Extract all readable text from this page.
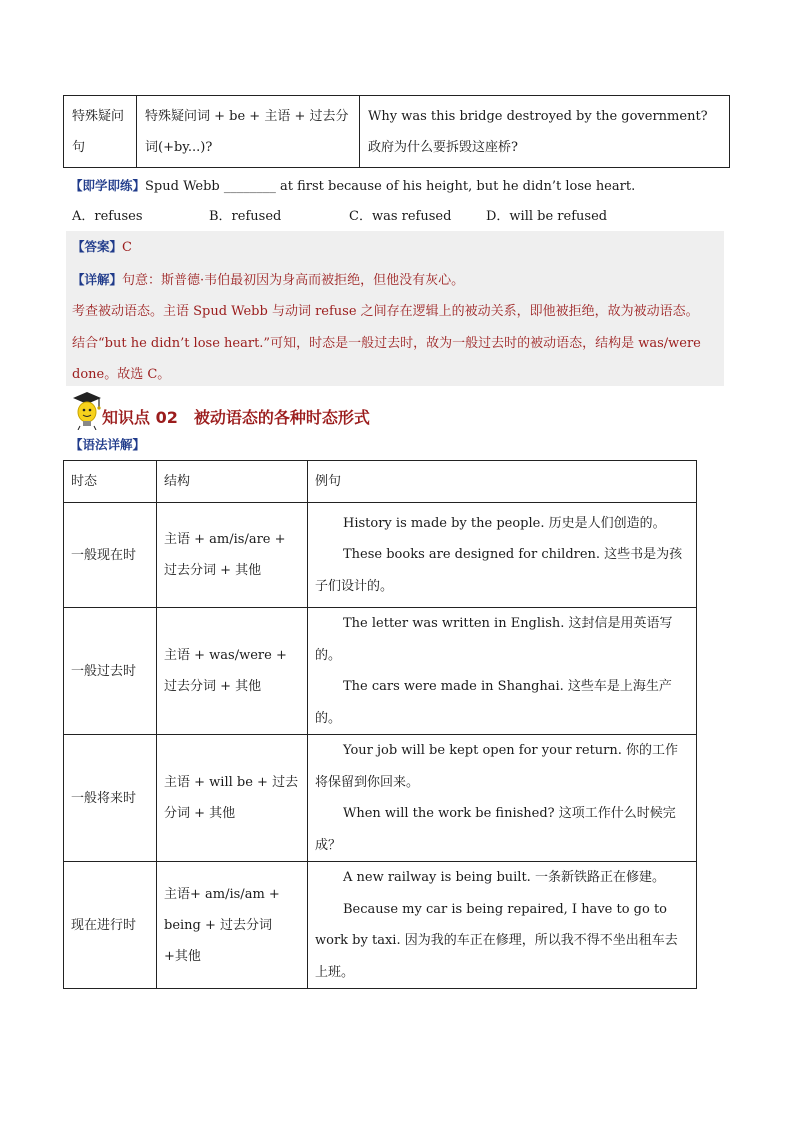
特殊疑问句	特殊疑问词 + be + 主语 + 过去分词(+by...)?	Why was this bridge destroyed by the government? 政府为什么要拆毁这座桥?
【即学即练】Spud Webb ________ at first because of his height, but he didn’t lose heart.
A．refuses	B．refused	C．was refused	D．will be refused

【答案】C

【详解】句意：斯普德·韦伯最初因为身高而被拒绝，但他没有灰心。

考查被动语态。主语 Spud Webb 与动词 refuse 之间存在逻辑上的被动关系，即他被拒绝，故为被动语态。

结合“but he didn’t lose heart.”可知，时态是一般过去时，故为一般过去时的被动语态，结构是 was/were

done。故选 C。

知识点 02　被动语态的各种时态形式
【语法详解】
时态	结构	例句
一般现在时	主语 + am/is/are + 过去分词 + 其他	History is made by the people. 历史是人们创造的。

These books are designed for children. 这些书是为孩子们设计的。

一般过去时	主语 + was/were + 过去分词 + 其他	The letter was written in English. 这封信是用英语写的。

The cars were made in Shanghai. 这些车是上海生产的。

一般将来时	主语 + will be + 过去分词 + 其他	Your job will be kept open for your return. 你的工作将保留到你回来。

When will the work be finished? 这项工作什么时候完成？

现在进行时	主语+ am/is/am + being + 过去分词 +其他	A new railway is being built. 一条新铁路正在修建。

Because my car is being repaired, I have to go to work by taxi. 因为我的车正在修理，所以我不得不坐出租车去上班。
